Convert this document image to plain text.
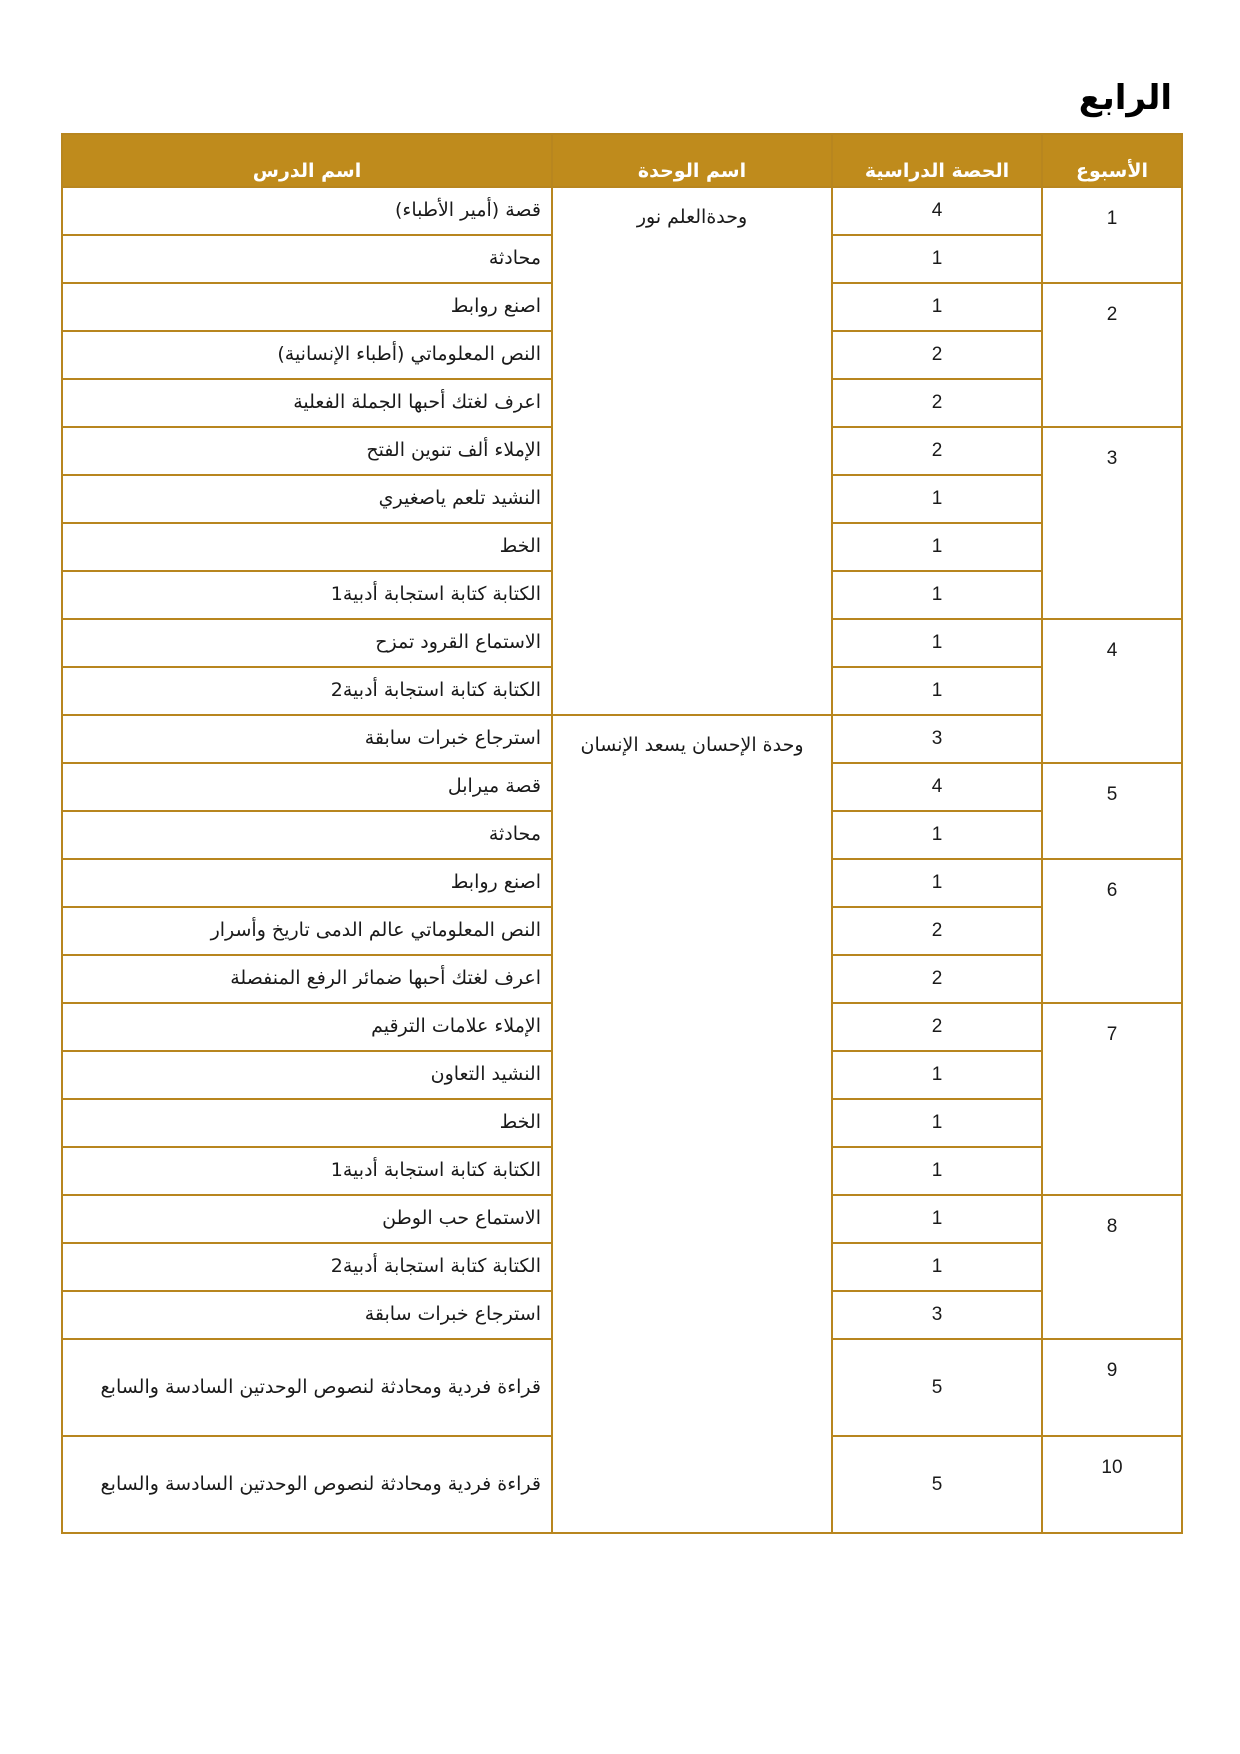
الرابع
الأسبوع	الحصة الدراسية	اسم الوحدة	اسم الدرس
1	4	وحدةالعلم نور	قصة (أمير الأطباء)
	1		محادثة
2	1		اصنع روابط
	2		النص المعلوماتي (أطباء الإنسانية)
	2		اعرف لغتك أحبها الجملة الفعلية
3	2		الإملاء ألف تنوين الفتح
	1		النشيد تلعم ياصغيري
	1		الخط
	1		الكتابة كتابة استجابة أدبية1
4	1		الاستماع القرود تمزح
	1		الكتابة كتابة استجابة أدبية2
	3	وحدة الإحسان يسعد الإنسان	استرجاع خبرات سابقة
5	4		قصة ميرابل
	1		محادثة
6	1		اصنع روابط
	2		النص المعلوماتي عالم الدمى تاريخ وأسرار
	2		اعرف لغتك أحبها ضمائر الرفع المنفصلة
7	2		الإملاء علامات الترقيم
	1		النشيد التعاون
	1		الخط
	1		الكتابة كتابة استجابة أدبية1
8	1		الاستماع حب الوطن
	1		الكتابة كتابة استجابة أدبية2
	3		استرجاع خبرات سابقة
9	5		قراءة فردية ومحادثة لنصوص الوحدتين السادسة والسابع
10	5		قراءة فردية ومحادثة لنصوص الوحدتين السادسة والسابع
